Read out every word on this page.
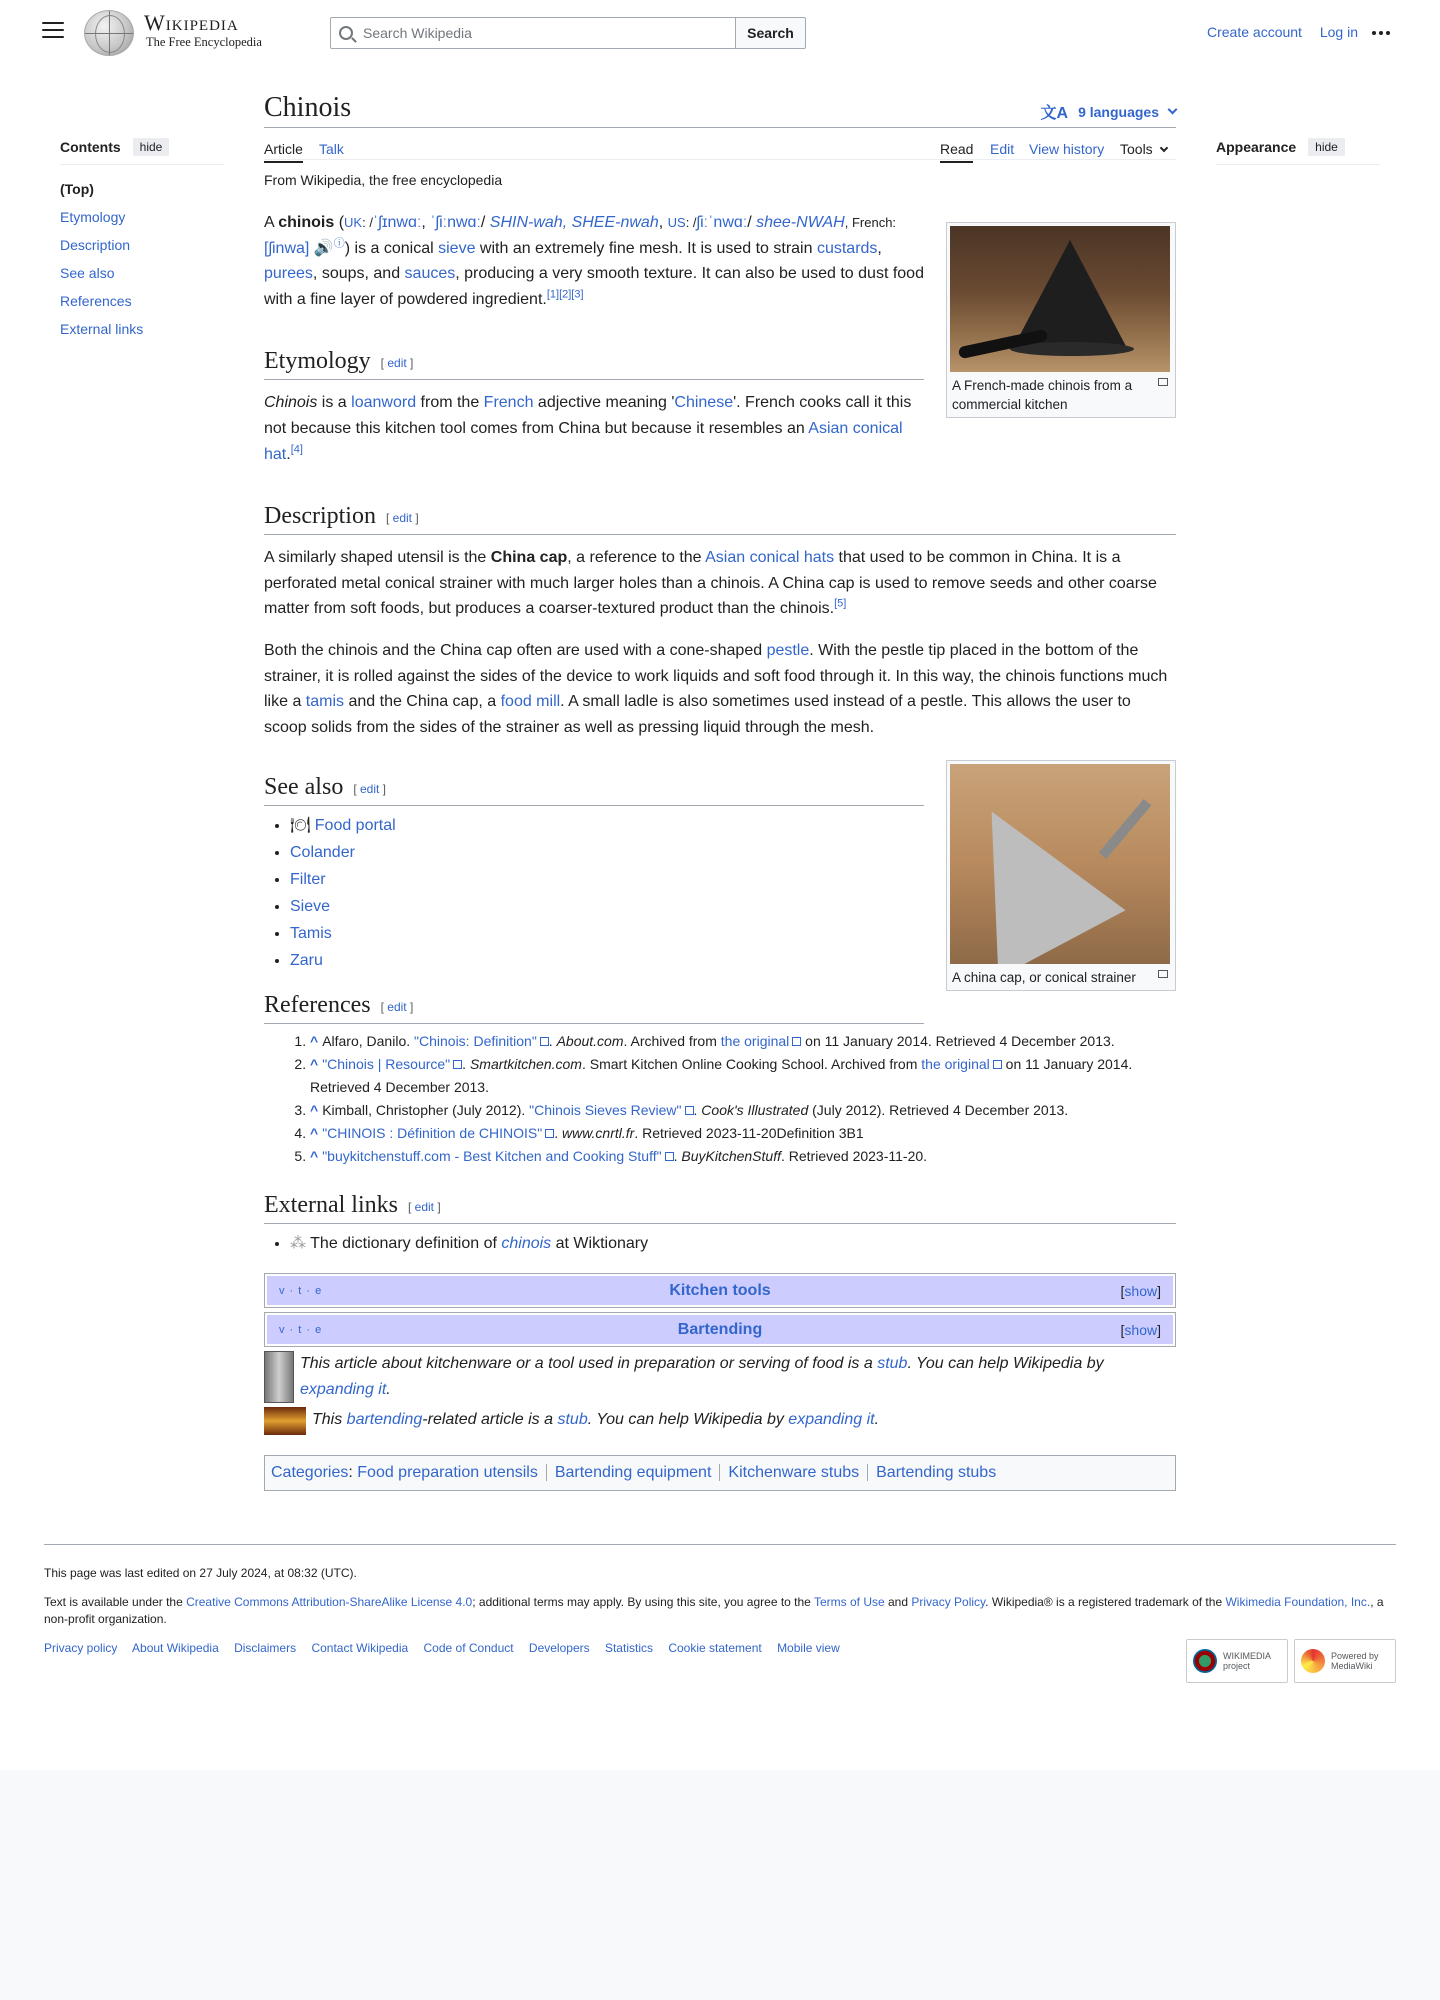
Wikipedia
The Free Encyclopedia
Search Wikipedia	Search	Create account Log in
Contents	hide
(Top)
Etymology
Description
See also
References
External links
Appearance	hide
Chinois	文A 9 languages
Article Talk	Read Edit View history Tools
From Wikipedia, the free encyclopedia
A French-made chinois from a commercial kitchen

A chinois (UK: /ˈʃɪnwɑː, ˈʃiːnwɑː/ SHIN-wah, SHEE-nwah, US: /ʃiːˈnwɑː/ shee-NWAH, French: [ʃinwa] 🔊ⓘ) is a conical sieve with an extremely fine mesh. It is used to strain custards, purees, soups, and sauces, producing a very smooth texture. It can also be used to dust food with a fine layer of powdered ingredient.[1][2][3]

Etymology [ edit ]

Chinois is a loanword from the French adjective meaning 'Chinese'. French cooks call it this not because this kitchen tool comes from China but because it resembles an Asian conical hat.[4]

Description [ edit ]

A similarly shaped utensil is the China cap, a reference to the Asian conical hats that used to be common in China. It is a perforated metal conical strainer with much larger holes than a chinois. A China cap is used to remove seeds and other coarse matter from soft foods, but produces a coarser-textured product than the chinois.[5]

Both the chinois and the China cap often are used with a cone-shaped pestle. With the pestle tip placed in the bottom of the strainer, it is rolled against the sides of the device to work liquids and soft food through it. In this way, the chinois functions much like a tamis and the China cap, a food mill. A small ladle is also sometimes used instead of a pestle. This allows the user to scoop solids from the sides of the strainer as well as pressing liquid through the mesh.

A china cap, or conical strainer
See also [ edit ]
• 🍽 Food portal
• Colander
• Filter
• Sieve
• Tamis
• Zaru
References [ edit ]
1. ^ Alfaro, Danilo. "Chinois: Definition" . About.com. Archived from the original on 11 January 2014. Retrieved 4 December 2013.
2. ^ "Chinois | Resource" . Smartkitchen.com. Smart Kitchen Online Cooking School. Archived from the original on 11 January 2014. Retrieved 4 December 2013.
3. ^ Kimball, Christopher (July 2012). "Chinois Sieves Review" . Cook's Illustrated (July 2012). Retrieved 4 December 2013.
4. ^ "CHINOIS : Définition de CHINOIS" . www.cnrtl.fr. Retrieved 2023-11-20Definition 3B1
5. ^ "buykitchenstuff.com - Best Kitchen and Cooking Stuff" . BuyKitchenStuff. Retrieved 2023-11-20.
External links [ edit ]
• ⁂ The dictionary definition of chinois at Wiktionary
v · t · e	Kitchen tools	[show]
v · t · e	Bartending	[show]
This article about kitchenware or a tool used in preparation or serving of food is a stub. You can help Wikipedia by expanding it.
This bartending-related article is a stub. You can help Wikipedia by expanding it.
Categories: Food preparation utensils Bartending equipment Kitchenware stubs Bartending stubs

This page was last edited on 27 July 2024, at 08:32 (UTC).

Text is available under the Creative Commons Attribution-ShareAlike License 4.0; additional terms may apply. By using this site, you agree to the Terms of Use and Privacy Policy. Wikipedia® is a registered trademark of the Wikimedia Foundation, Inc., a non-profit organization.

Privacy policy About Wikipedia Disclaimers Contact Wikipedia Code of Conduct Developers Statistics Cookie statement Mobile view
WIKIMEDIA project
Powered by MediaWiki
